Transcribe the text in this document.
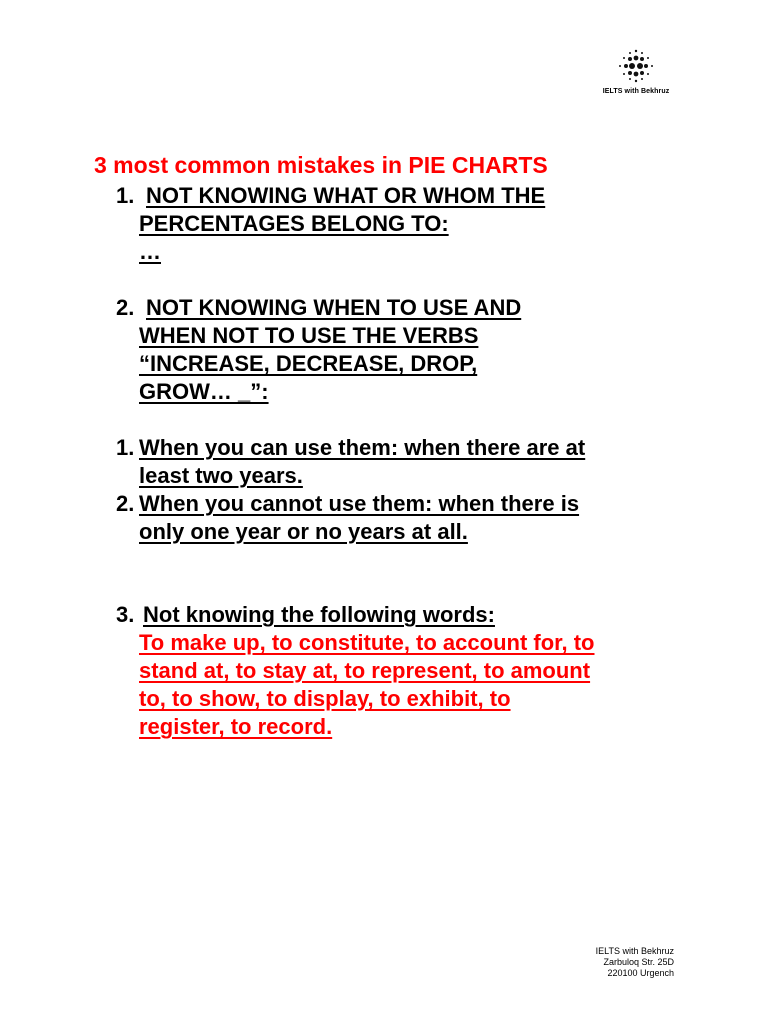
IELTS with Bekhruz
3 most common mistakes in PIE CHARTS
1. NOT KNOWING WHAT OR WHOM THE
PERCENTAGES BELONG TO:
…
2. NOT KNOWING WHEN TO USE AND
WHEN NOT TO USE THE VERBS
“INCREASE, DECREASE, DROP,
GROW… _”:
1. When you can use them: when there are at
least two years.
2. When you cannot use them: when there is
only one year or no years at all.
3. Not knowing the following words:
To make up, to constitute, to account for, to
stand at, to stay at, to represent, to amount
to, to show, to display, to exhibit, to
register, to record.
IELTS with Bekhruz
Zarbuloq Str. 25D
220100 Urgench
